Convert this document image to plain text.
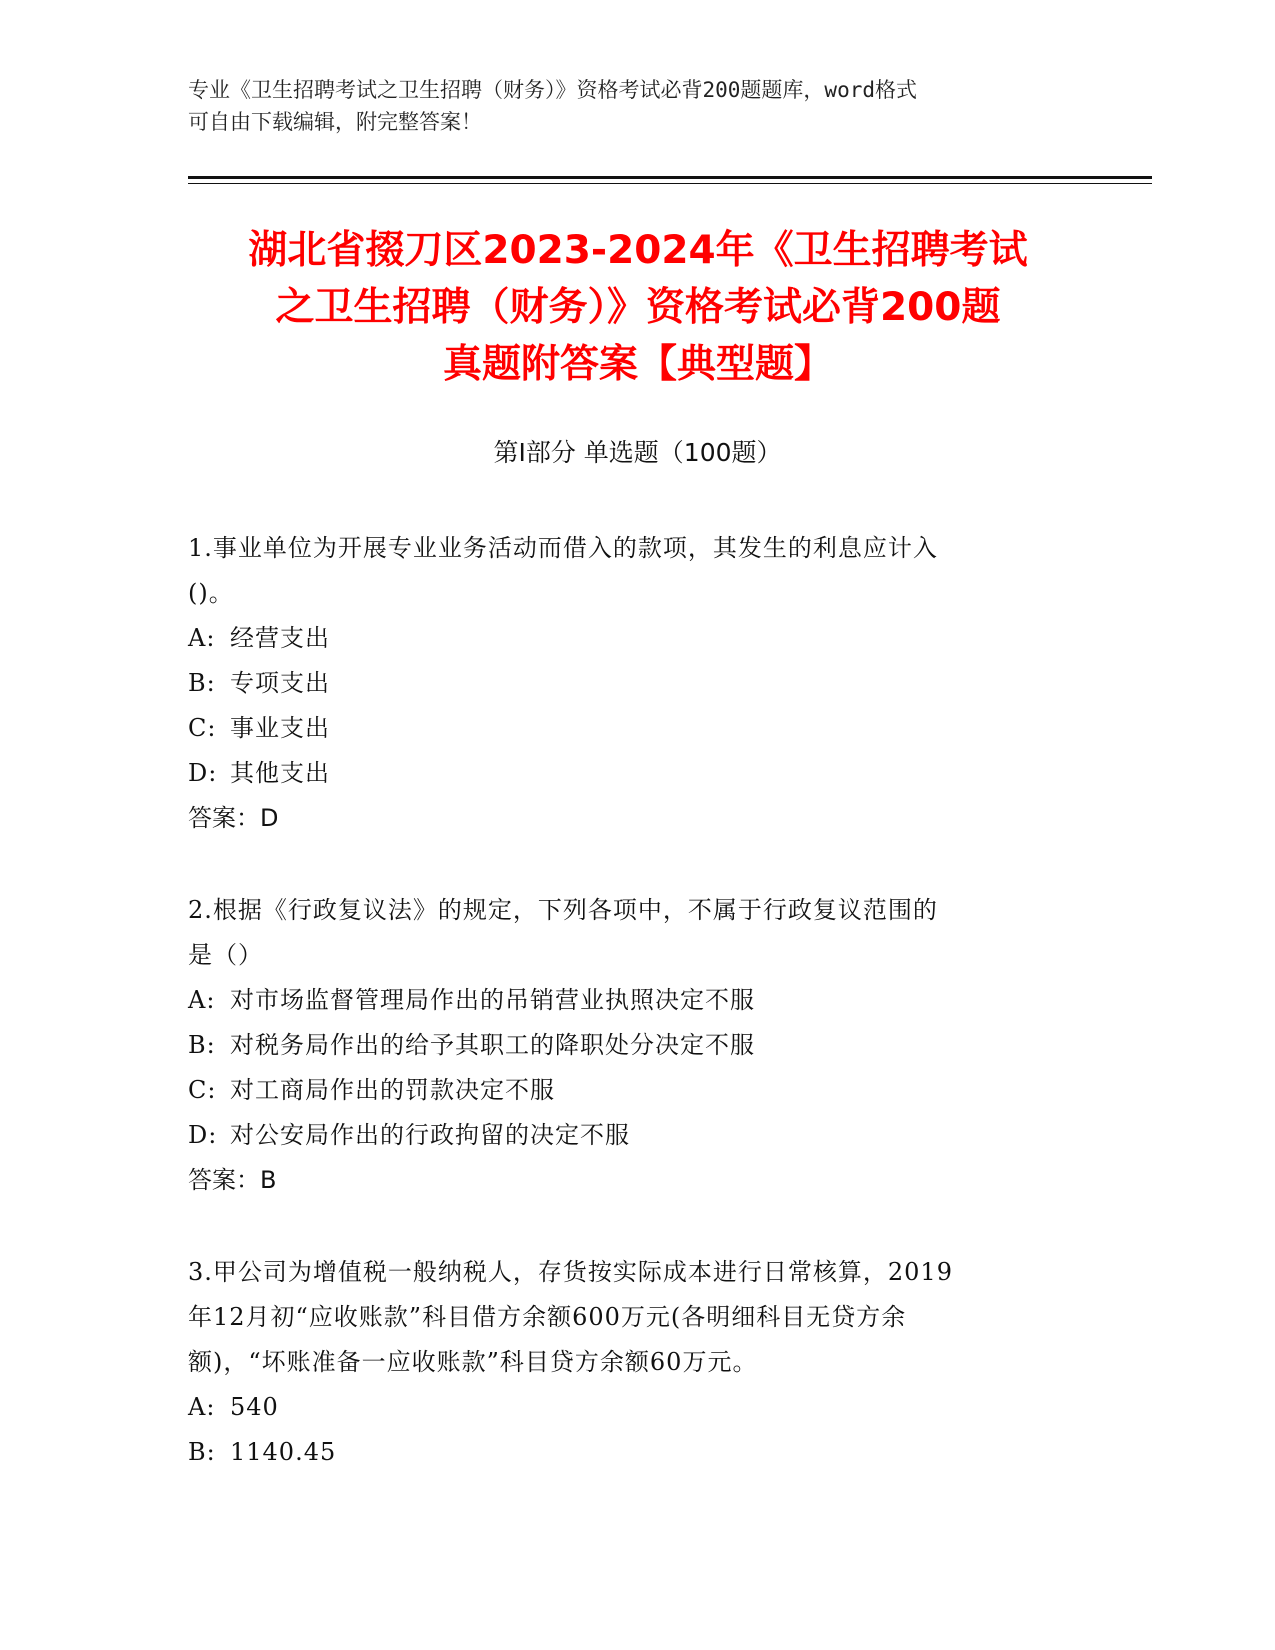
专业《卫生招聘考试之卫生招聘（财务）》资格考试必背200题题库，word格式
可自由下载编辑，附完整答案！
湖北省掇刀区2023-2024年《卫生招聘考试
之卫生招聘（财务）》资格考试必背200题
真题附答案【典型题】
第I部分 单选题（100题）
1.事业单位为开展专业业务活动而借入的款项，其发生的利息应计入
()。
A: 经营支出
B: 专项支出
C: 事业支出
D: 其他支出
答案：D
2.根据《行政复议法》的规定，下列各项中，不属于行政复议范围的
是（）
A: 对市场监督管理局作出的吊销营业执照决定不服
B: 对税务局作出的给予其职工的降职处分决定不服
C: 对工商局作出的罚款决定不服
D: 对公安局作出的行政拘留的决定不服
答案：B
3.甲公司为增值税一般纳税人，存货按实际成本进行日常核算，2019
年12月初“应收账款”科目借方余额600万元(各明细科目无贷方余
额)，“坏账准备一应收账款”科目贷方余额60万元。
A: 540
B: 1140.45
